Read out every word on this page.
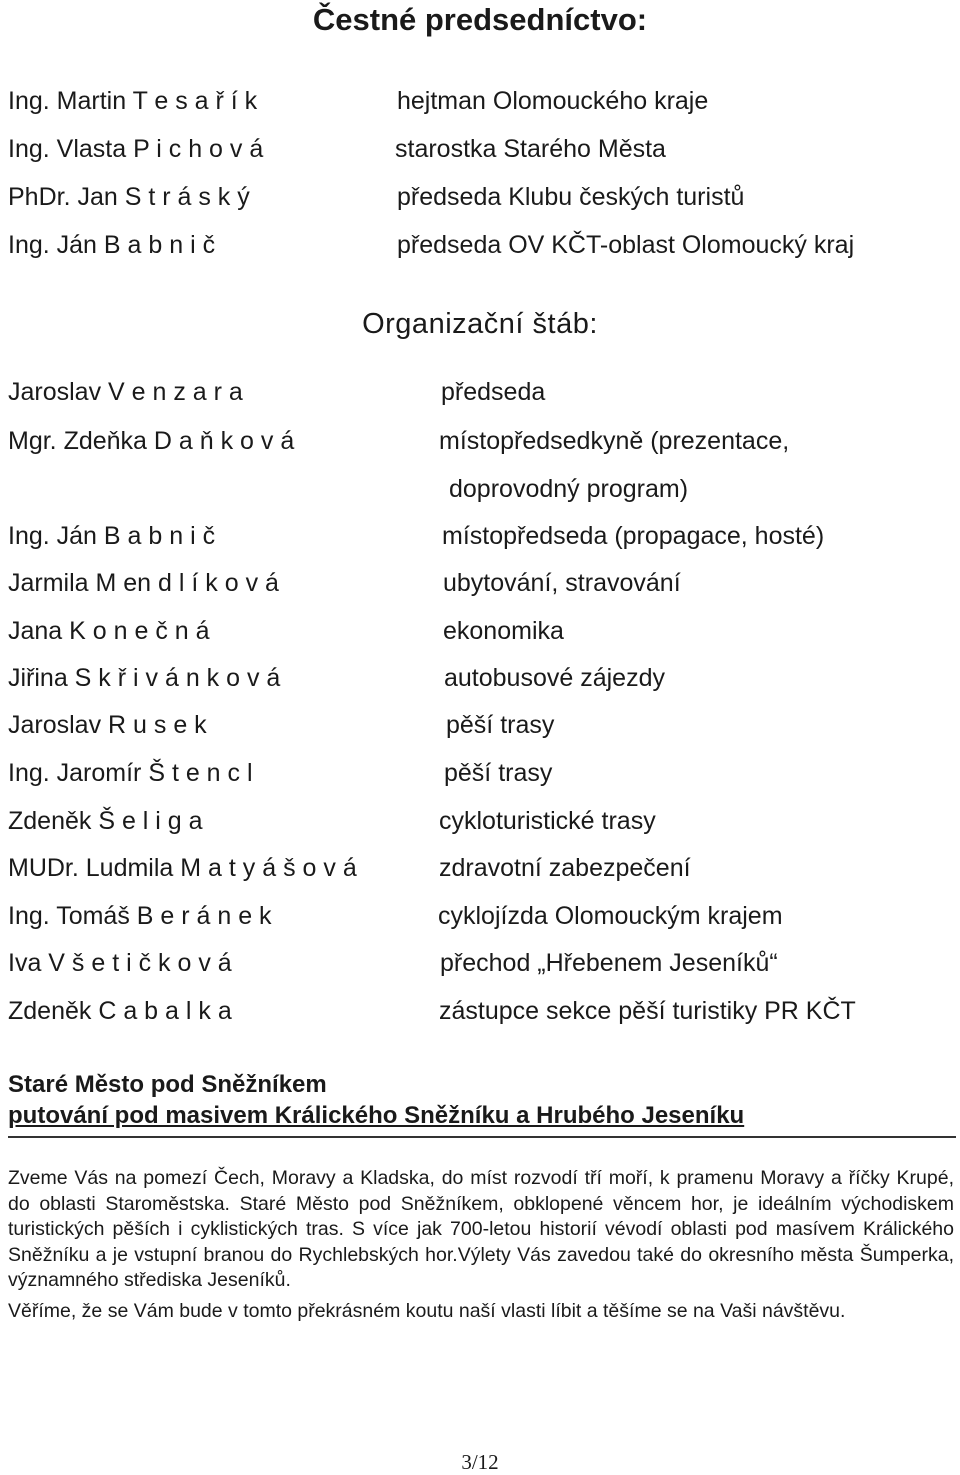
Čestné predsedníctvo:
Ing. Martin T e s a ř í k	hejtman Olomouckého kraje
Ing. Vlasta P i c h o v á	starostka Starého Města
PhDr. Jan S t r á s k ý	předseda Klubu českých turistů
Ing. Ján B a b n i č	předseda OV KČT-oblast Olomoucký kraj
Organizační štáb:
Jaroslav V e n z a r a	předseda
Mgr. Zdeňka D a ň k o v á	místopředsedkyně (prezentace,
doprovodný program)
Ing. Ján B a b n i č	místopředseda (propagace, hosté)
Jarmila M en d l í k o v á	ubytování, stravování
Jana K o n e č n á	ekonomika
Jiřina S k ř i v á n k o v á	autobusové zájezdy
Jaroslav R u s e k	pěší trasy
Ing. Jaromír Š t e n c l	pěší trasy
Zdeněk Š e l i g a	cykloturistické trasy
MUDr. Ludmila M a t y á š o v á	zdravotní zabezpečení
Ing. Tomáš B e r á n e k	cyklojízda Olomouckým krajem
Iva V š e t i č k o v á	přechod „Hřebenem Jeseníků“
Zdeněk C a b a l k a	zástupce sekce pěší turistiky PR KČT
Staré Město pod Sněžníkem
putování pod masivem Králického Sněžníku a Hrubého Jeseníku

Zveme Vás na pomezí Čech, Moravy a Kladska, do míst rozvodí tří moří, k pramenu Moravy a říčky Krupé, do oblasti Staroměstska. Staré Město pod Sněžníkem, obklopené věncem hor, je ideálním východiskem turistických pěších i cyklistických tras. S více jak 700-letou historií vévodí oblasti pod masívem Králického Sněžníku a je vstupní branou do Rychlebských hor.Výlety Vás zavedou také do okresního města Šumperka, významného střediska Jeseníků.

Věříme, že se Vám bude v tomto překrásném koutu naší vlasti líbit a těšíme se na Vaši návštěvu.

3/12
